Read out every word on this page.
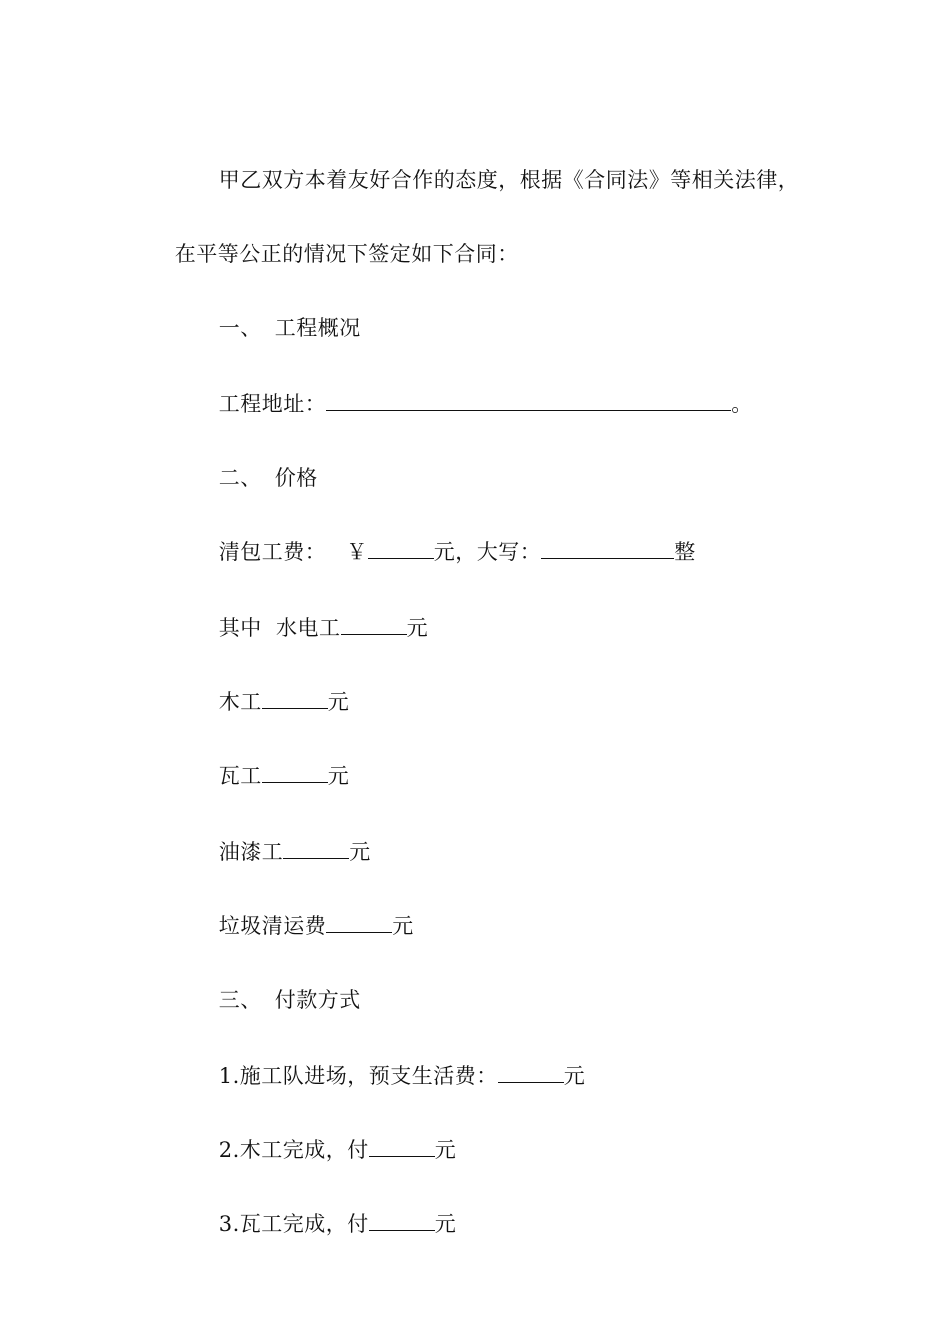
甲乙双方本着友好合作的态度，根据《合同法》等相关法律，

在平等公正的情况下签定如下合同：

一、 工程概况

工程地址：	。

二、 价格

清包工费： ￥	元，大写：	整

其中  水电工	元

木工	元

瓦工	元

油漆工	元

垃圾清运费	元

三、 付款方式

1.施工队进场，预支生活费：	元

2.木工完成，付	元

3.瓦工完成，付	元
